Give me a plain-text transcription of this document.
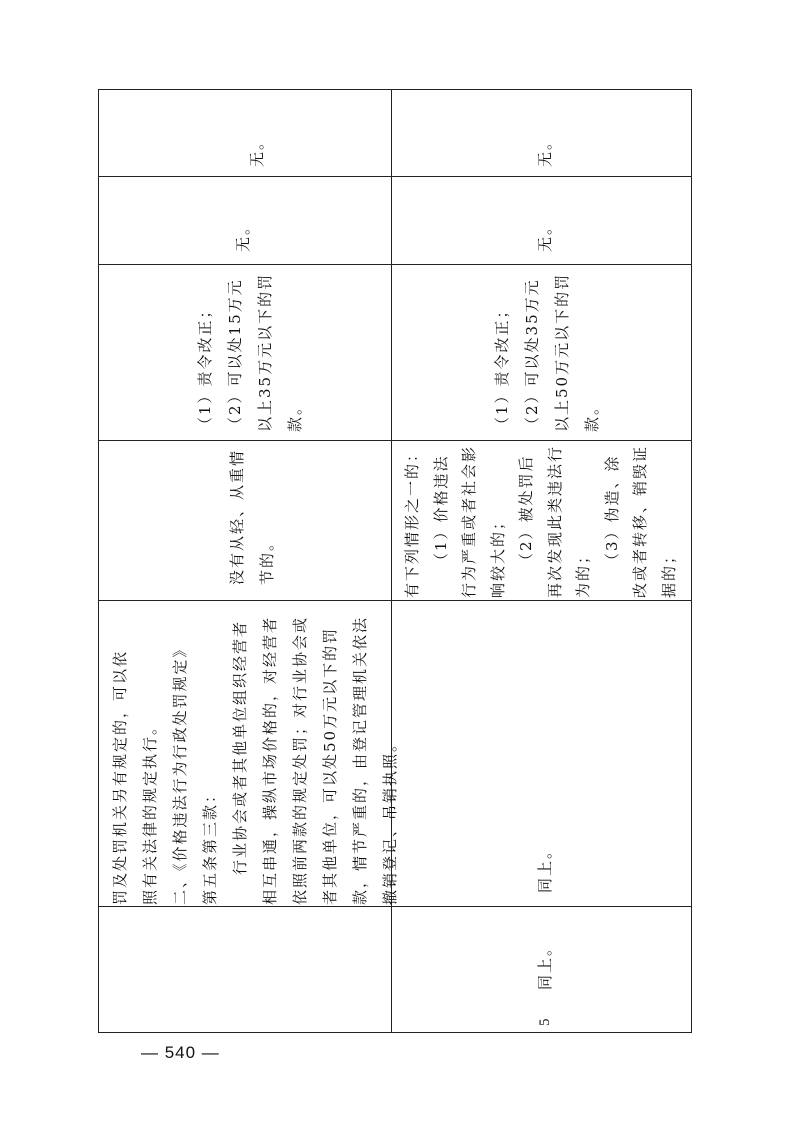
罚及处罚机关另有规定的，可以依 照有关法律的规定执行。 二、《价格违法行为行政处罚规定》 第五条第三款： 行业协会或者其他单位组织经营者相互串通，操纵市场价格的，对经营者依照前两款的规定处罚；对行业协会或者其他单位，可以处50万元以下的罚款，情节严重的，由登记管理机关依法撤销登记、吊销执照。

没有从轻、从重情节的。

（1）责令改正； （2）可以处15万元以上35万元以下的罚款。

无。

无。

5

同上。

同上。

有下列情形之一的： （1）价格违法行为严重或者社会影响较大的； （2）被处罚后再次发现此类违法行为的；

（3）伪造、涂改或者转移、销毁证据的；

（1）责令改正； （2）可以处35万元以上50万元以下的罚款。

无。

无。

— 540 —
